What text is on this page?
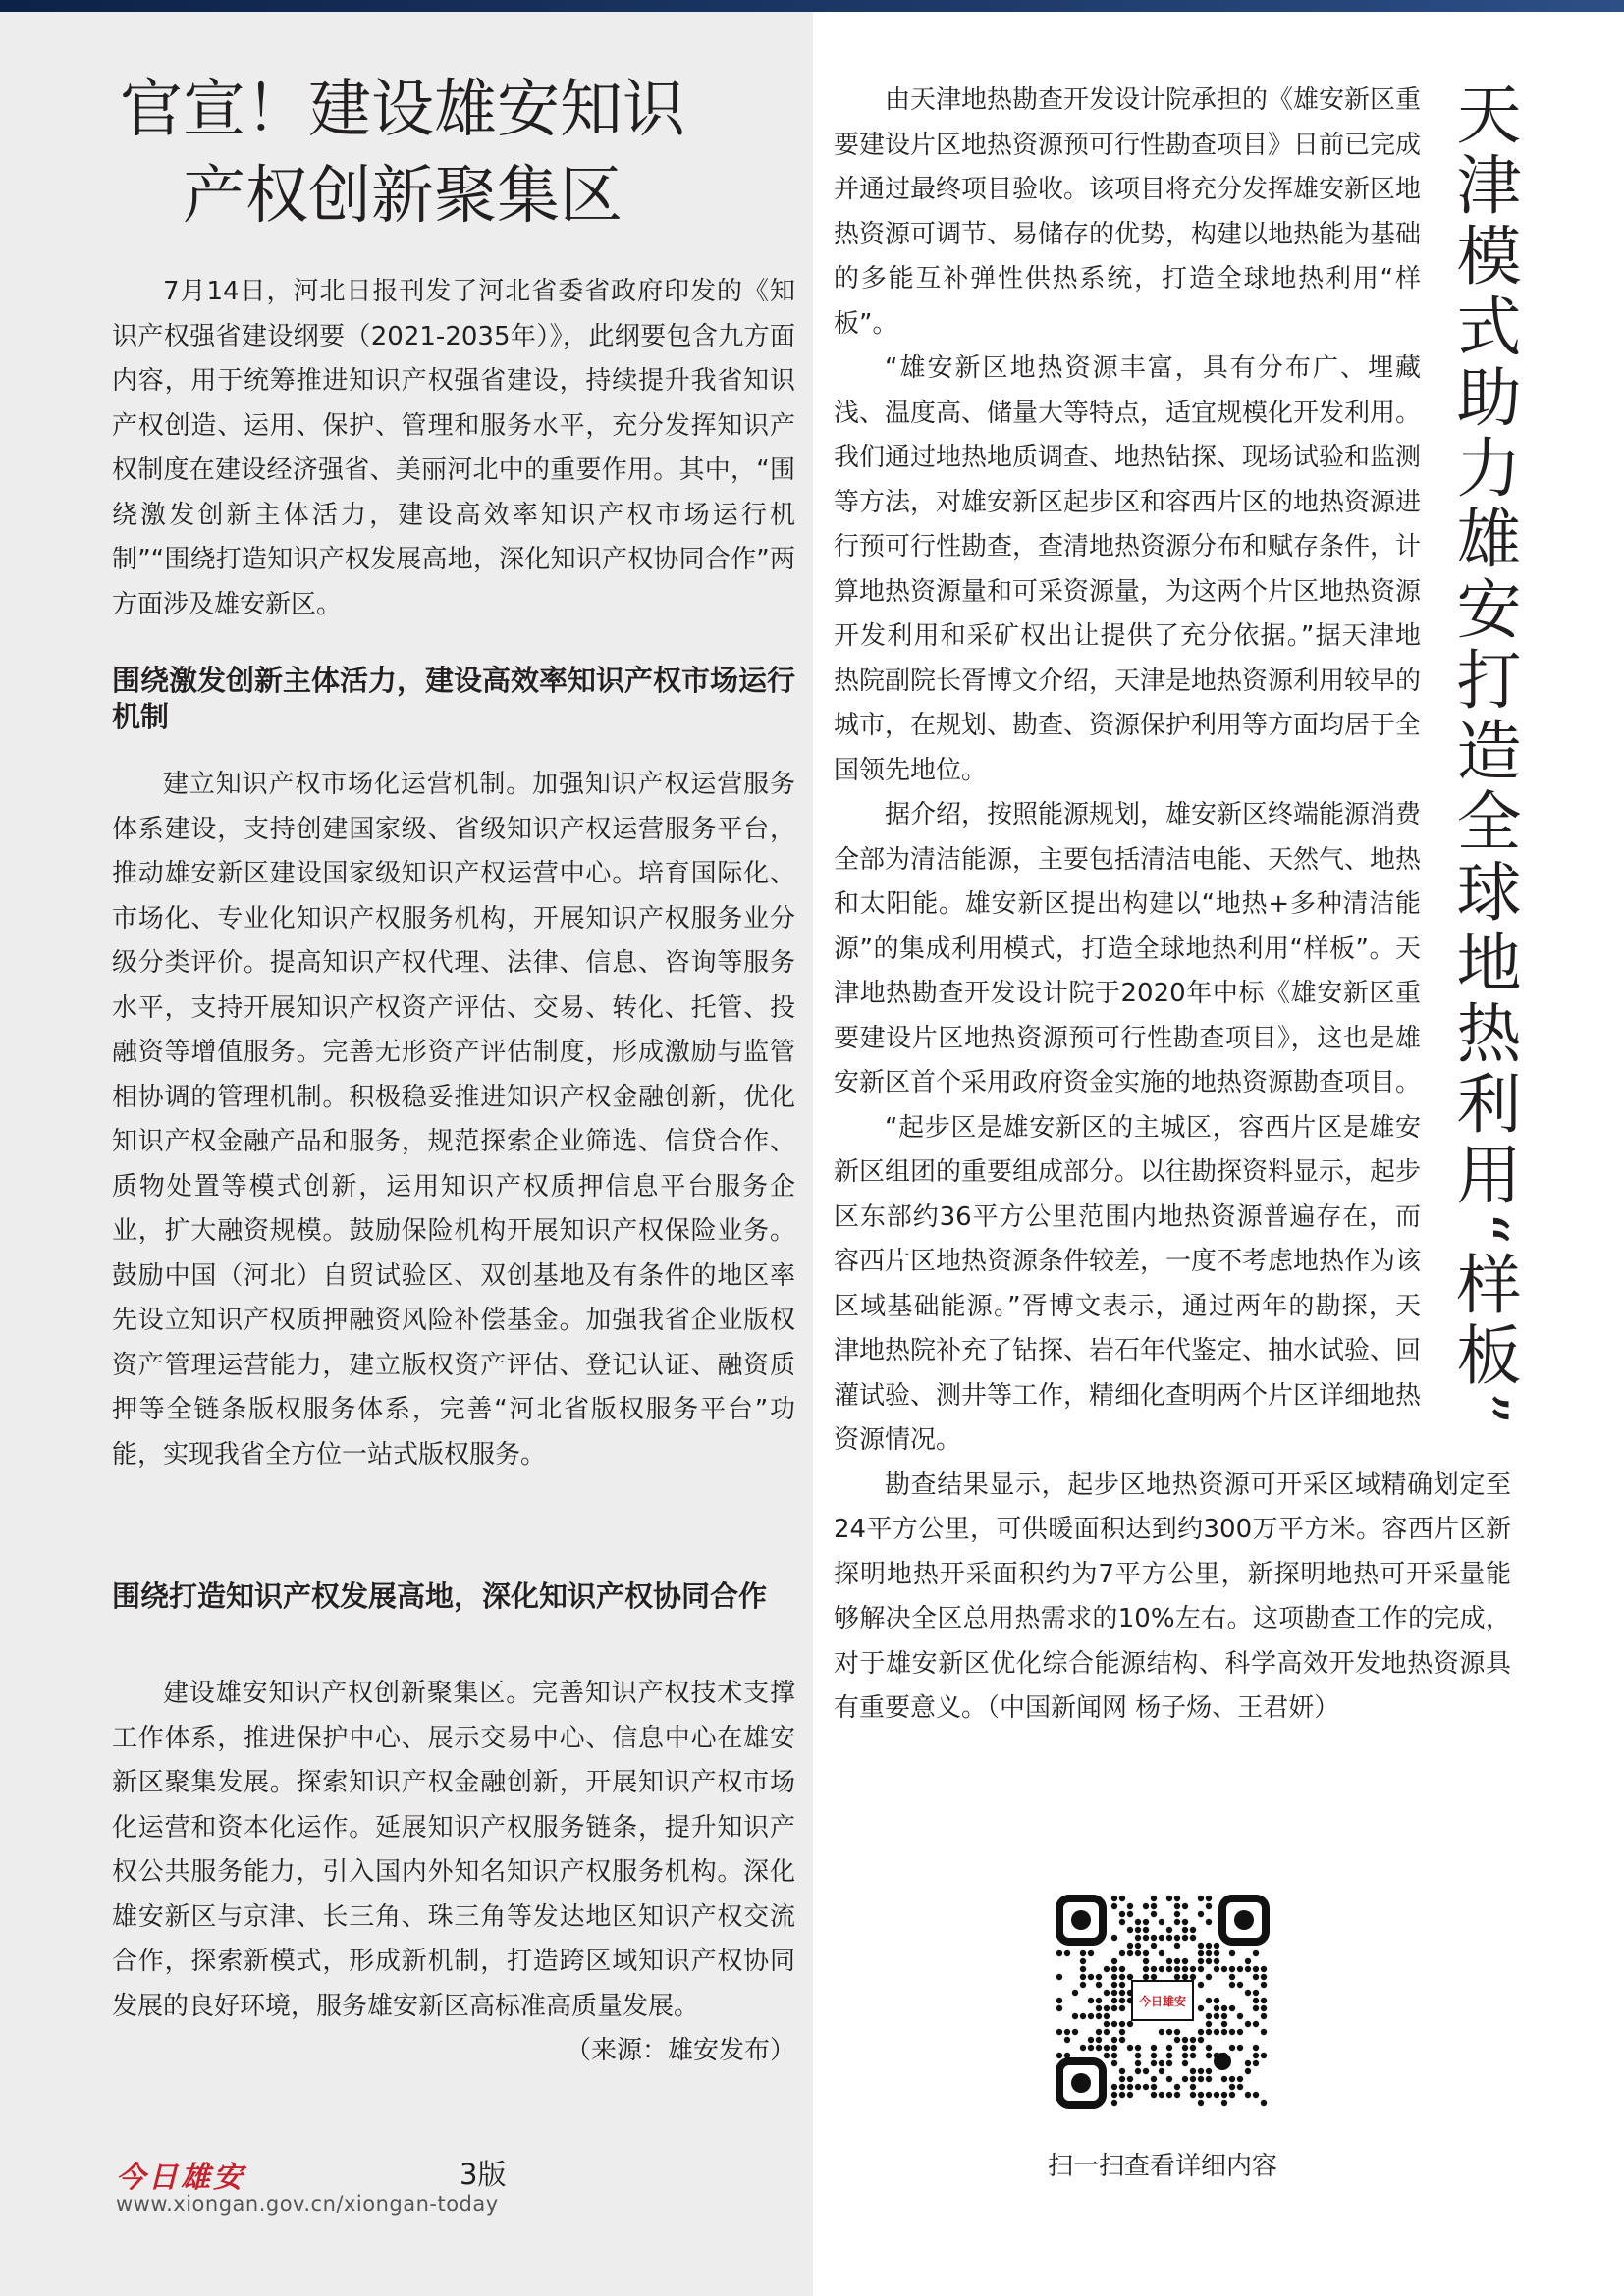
官宣！建设雄安知识产权创新聚集区

7月14日，河北日报刊发了河北省委省政府印发的《知识产权强省建设纲要（2021-2035年）》，此纲要包含九方面内容，用于统筹推进知识产权强省建设，持续提升我省知识产权创造、运用、保护、管理和服务水平，充分发挥知识产权制度在建设经济强省、美丽河北中的重要作用。其中，“围绕激发创新主体活力，建设高效率知识产权市场运行机制”“围绕打造知识产权发展高地，深化知识产权协同合作”两方面涉及雄安新区。

围绕激发创新主体活力，建设高效率知识产权市场运行机制

建立知识产权市场化运营机制。加强知识产权运营服务体系建设，支持创建国家级、省级知识产权运营服务平台，推动雄安新区建设国家级知识产权运营中心。培育国际化、市场化、专业化知识产权服务机构，开展知识产权服务业分级分类评价。提高知识产权代理、法律、信息、咨询等服务水平，支持开展知识产权资产评估、交易、转化、托管、投融资等增值服务。完善无形资产评估制度，形成激励与监管相协调的管理机制。积极稳妥推进知识产权金融创新，优化知识产权金融产品和服务，规范探索企业筛选、信贷合作、质物处置等模式创新，运用知识产权质押信息平台服务企业，扩大融资规模。鼓励保险机构开展知识产权保险业务。鼓励中国（河北）自贸试验区、双创基地及有条件的地区率先设立知识产权质押融资风险补偿基金。加强我省企业版权资产管理运营能力，建立版权资产评估、登记认证、融资质押等全链条版权服务体系，完善“河北省版权服务平台”功能，实现我省全方位一站式版权服务。

围绕打造知识产权发展高地，深化知识产权协同合作

建设雄安知识产权创新聚集区。完善知识产权技术支撑工作体系，推进保护中心、展示交易中心、信息中心在雄安新区聚集发展。探索知识产权金融创新，开展知识产权市场化运营和资本化运作。延展知识产权服务链条，提升知识产权公共服务能力，引入国内外知名知识产权服务机构。深化雄安新区与京津、长三角、珠三角等发达地区知识产权交流合作，探索新模式，形成新机制，打造跨区域知识产权协同发展的良好环境，服务雄安新区高标准高质量发展。
（来源：雄安发布）

由天津地热勘查开发设计院承担的《雄安新区重要建设片区地热资源预可行性勘查项目》日前已完成并通过最终项目验收。该项目将充分发挥雄安新区地热资源可调节、易储存的优势，构建以地热能为基础的多能互补弹性供热系统，打造全球地热利用“样板”。

“雄安新区地热资源丰富，具有分布广、埋藏浅、温度高、储量大等特点，适宜规模化开发利用。我们通过地热地质调查、地热钻探、现场试验和监测等方法，对雄安新区起步区和容西片区的地热资源进行预可行性勘查，查清地热资源分布和赋存条件，计算地热资源量和可采资源量，为这两个片区地热资源开发利用和采矿权出让提供了充分依据。”据天津地热院副院长胥博文介绍，天津是地热资源利用较早的城市，在规划、勘查、资源保护利用等方面均居于全国领先地位。

据介绍，按照能源规划，雄安新区终端能源消费全部为清洁能源，主要包括清洁电能、天然气、地热和太阳能。雄安新区提出构建以“地热+多种清洁能源”的集成利用模式，打造全球地热利用“样板”。天津地热勘查开发设计院于2020年中标《雄安新区重要建设片区地热资源预可行性勘查项目》，这也是雄安新区首个采用政府资金实施的地热资源勘查项目。

“起步区是雄安新区的主城区，容西片区是雄安新区组团的重要组成部分。以往勘探资料显示，起步区东部约36平方公里范围内地热资源普遍存在，而容西片区地热资源条件较差，一度不考虑地热作为该区域基础能源。”胥博文表示，通过两年的勘探，天津地热院补充了钻探、岩石年代鉴定、抽水试验、回灌试验、测井等工作，精细化查明两个片区详细地热资源情况。

勘查结果显示，起步区地热资源可开采区域精确划定至24平方公里，可供暖面积达到约300万平方米。容西片区新探明地热开采面积约为7平方公里，新探明地热可开采量能够解决全区总用热需求的10%左右。这项勘查工作的完成，对于雄安新区优化综合能源结构、科学高效开发地热资源具有重要意义。（中国新闻网 杨子炀、王君妍）

天津模式助力雄安打造全球地热利用“样板”
今日雄安
扫一扫查看详细内容
今日雄安	3版
www.xiongan.gov.cn/xiongan-today
